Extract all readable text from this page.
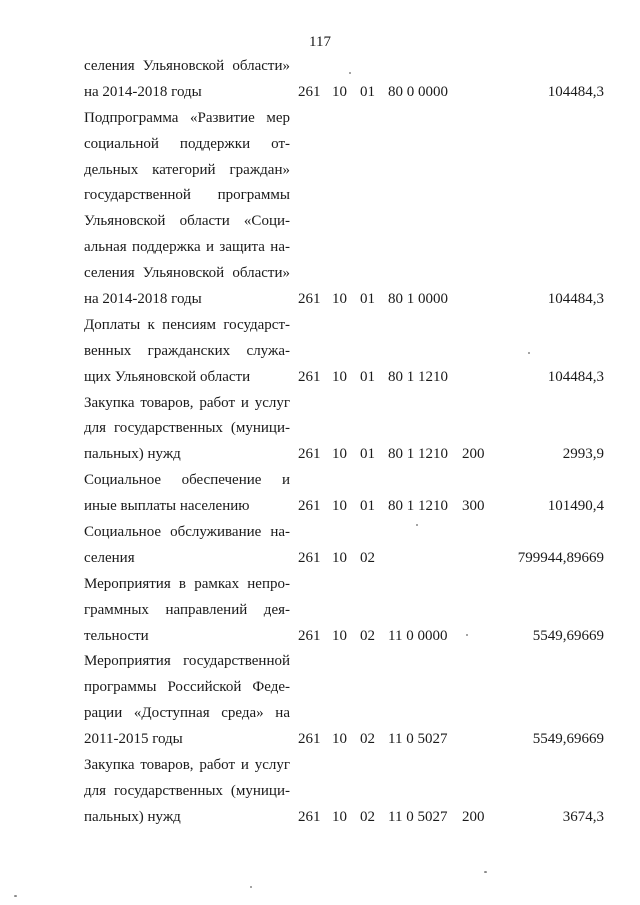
117
селения Ульяновской области»
на 2014-2018 годы	261 10 01 80 0 0000	104484,3
Подпрограмма «Развитие мер
социальной поддержки от-
дельных категорий граждан»
государственной программы
Ульяновской области «Соци-
альная поддержка и защита на-
селения Ульяновской области»
на 2014-2018 годы	261 10 01 80 1 0000	104484,3
Доплаты к пенсиям государст-
венных гражданских служа-
щих Ульяновской области	261 10 01 80 1 1210	104484,3
Закупка товаров, работ и услуг
для государственных (муници-
пальных) нужд	261 10 01 80 1 1210 200	2993,9
Социальное обеспечение и
иные выплаты населению	261 10 01 80 1 1210 300	101490,4
Социальное обслуживание на-
селения	261 10 02	799944,89669
Мероприятия в рамках непро-
граммных направлений дея-
тельности	261 10 02 11 0 0000	5549,69669
Мероприятия государственной
программы Российской Феде-
рации «Доступная среда» на
2011-2015 годы	261 10 02 11 0 5027	5549,69669
Закупка товаров, работ и услуг
для государственных (муници-
пальных) нужд	261 10 02 11 0 5027 200	3674,3
